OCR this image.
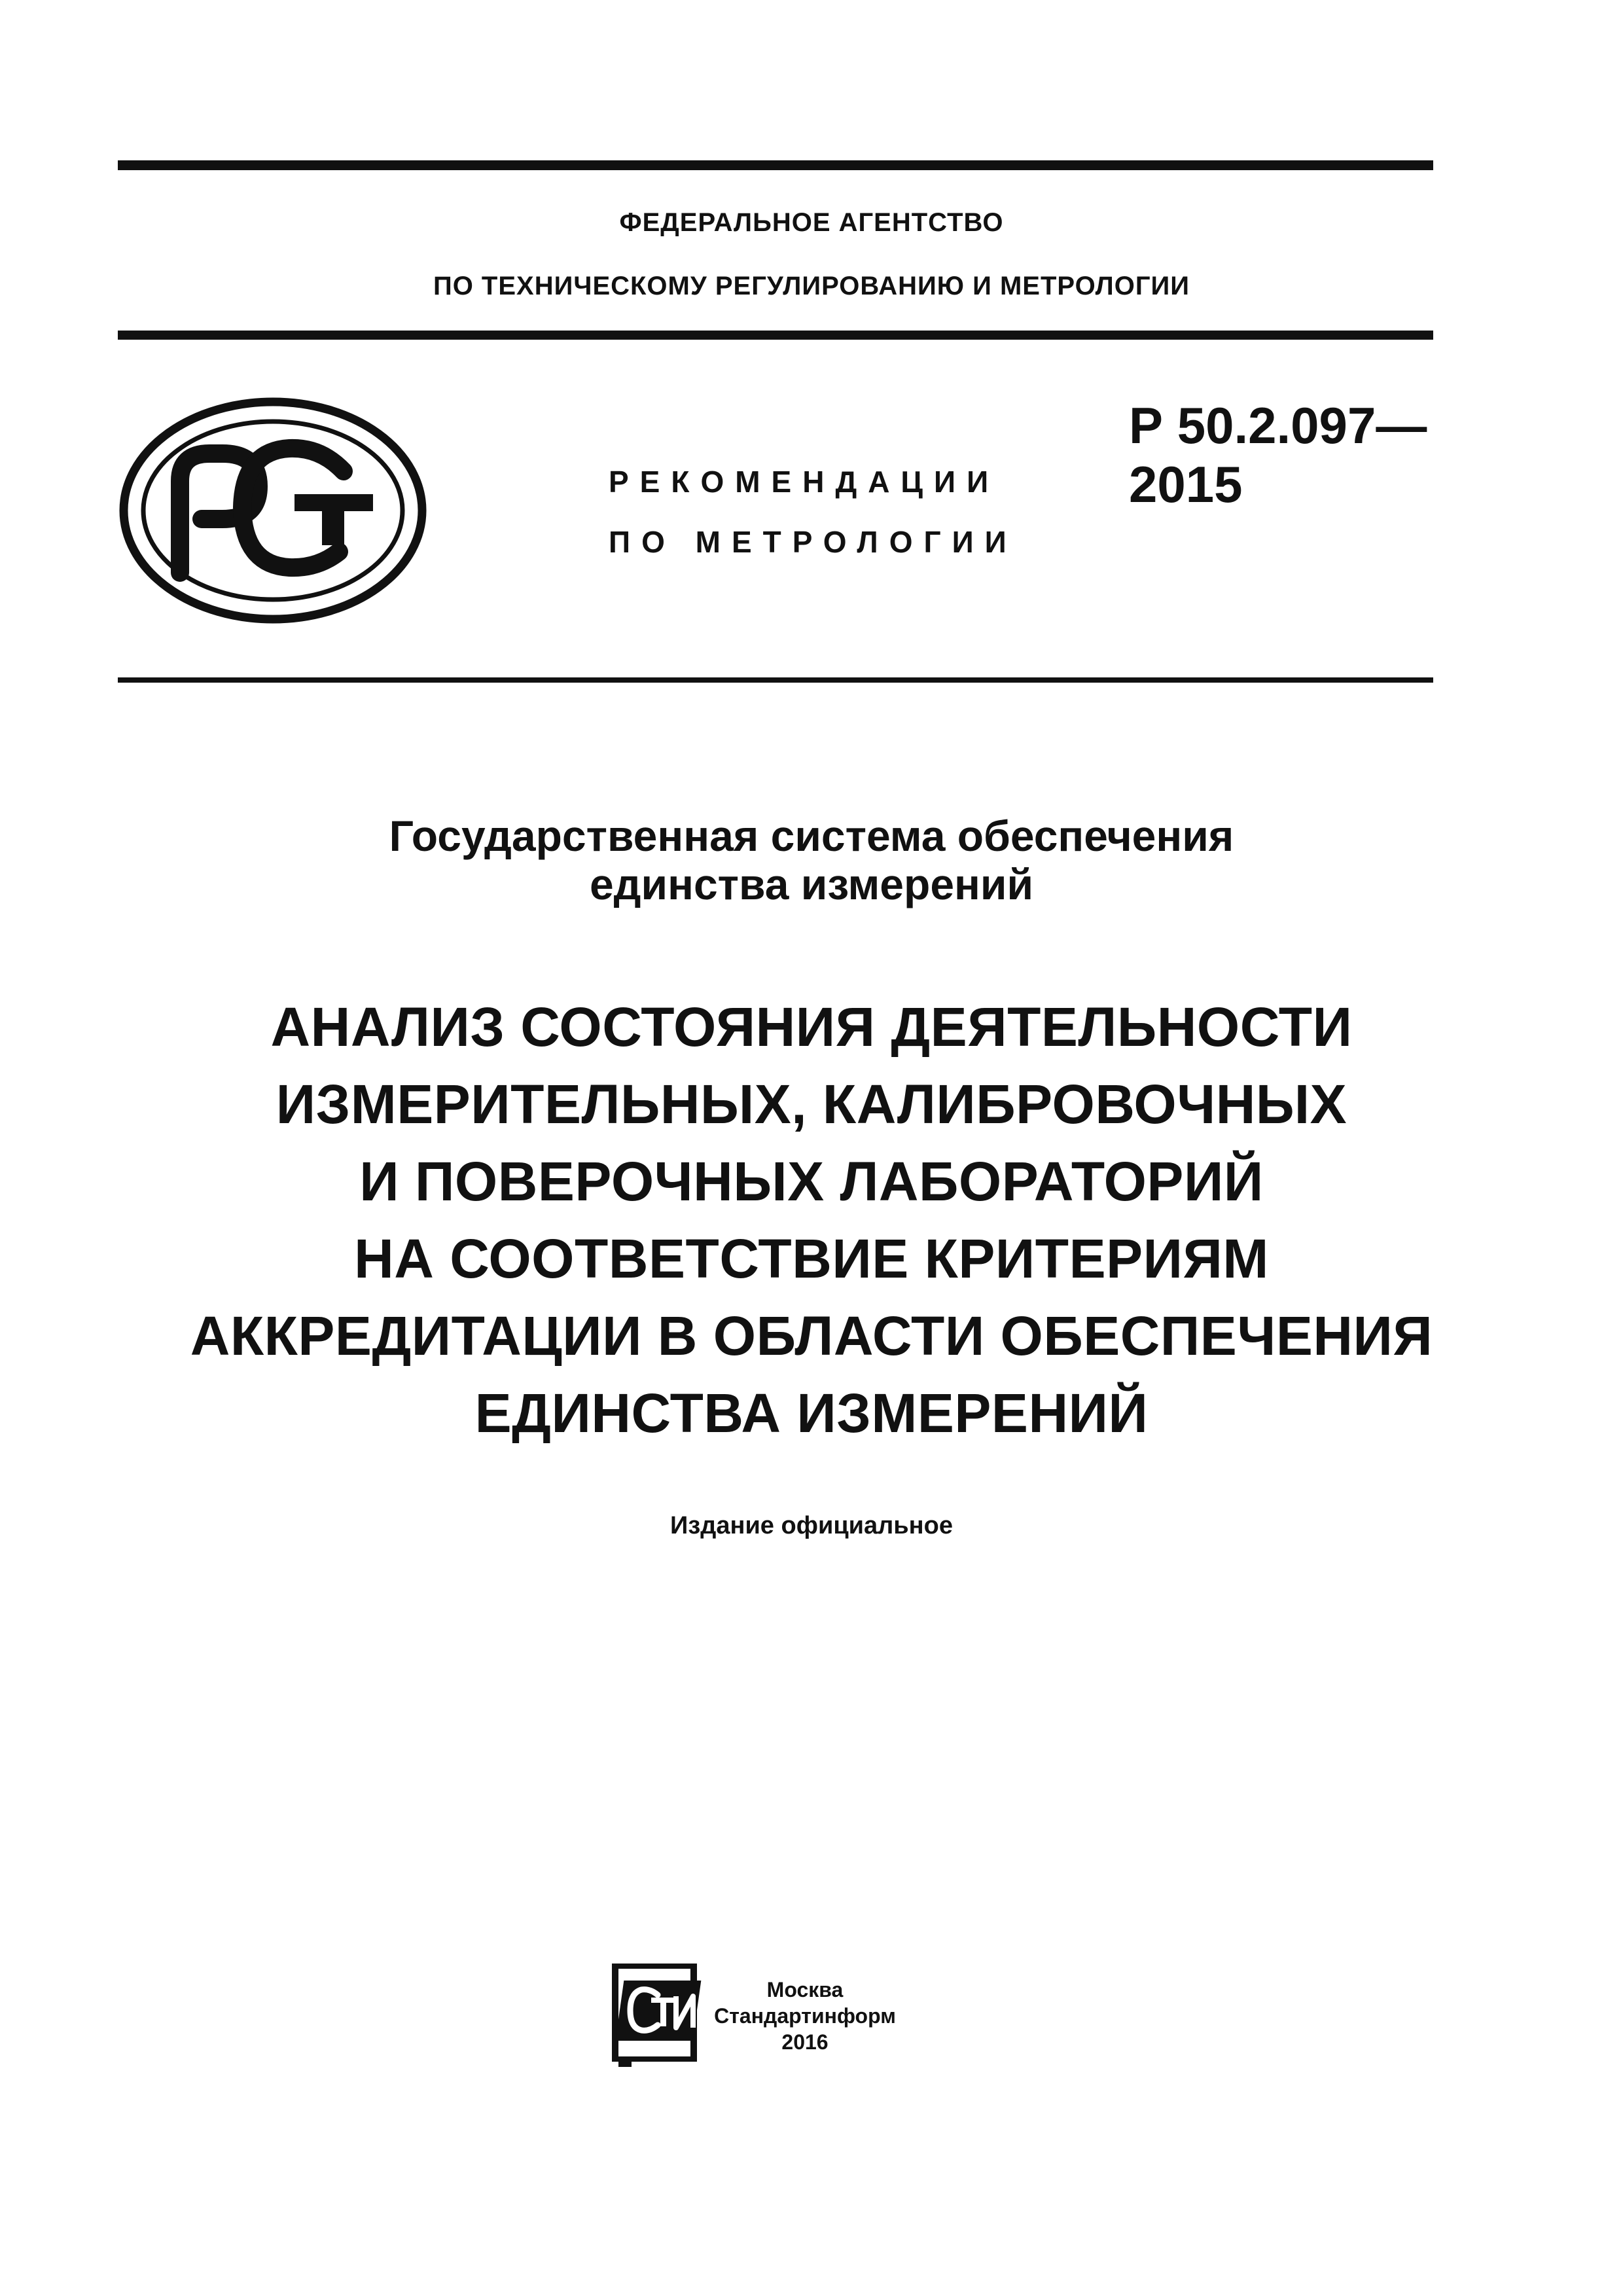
ФЕДЕРАЛЬНОЕ АГЕНТСТВО
ПО ТЕХНИЧЕСКОМУ РЕГУЛИРОВАНИЮ И МЕТРОЛОГИИ
РЕКОМЕНДАЦИИ
ПО МЕТРОЛОГИИ
Р 50.2.097—
2015
Государственная система обеспечения
единства измерений
АНАЛИЗ СОСТОЯНИЯ ДЕЯТЕЛЬНОСТИ
ИЗМЕРИТЕЛЬНЫХ, КАЛИБРОВОЧНЫХ
И ПОВЕРОЧНЫХ ЛАБОРАТОРИЙ
НА СООТВЕТСТВИЕ КРИТЕРИЯМ
АККРЕДИТАЦИИ В ОБЛАСТИ ОБЕСПЕЧЕНИЯ
ЕДИНСТВА ИЗМЕРЕНИЙ
Издание официальное
Москва
Стандартинформ
2016
